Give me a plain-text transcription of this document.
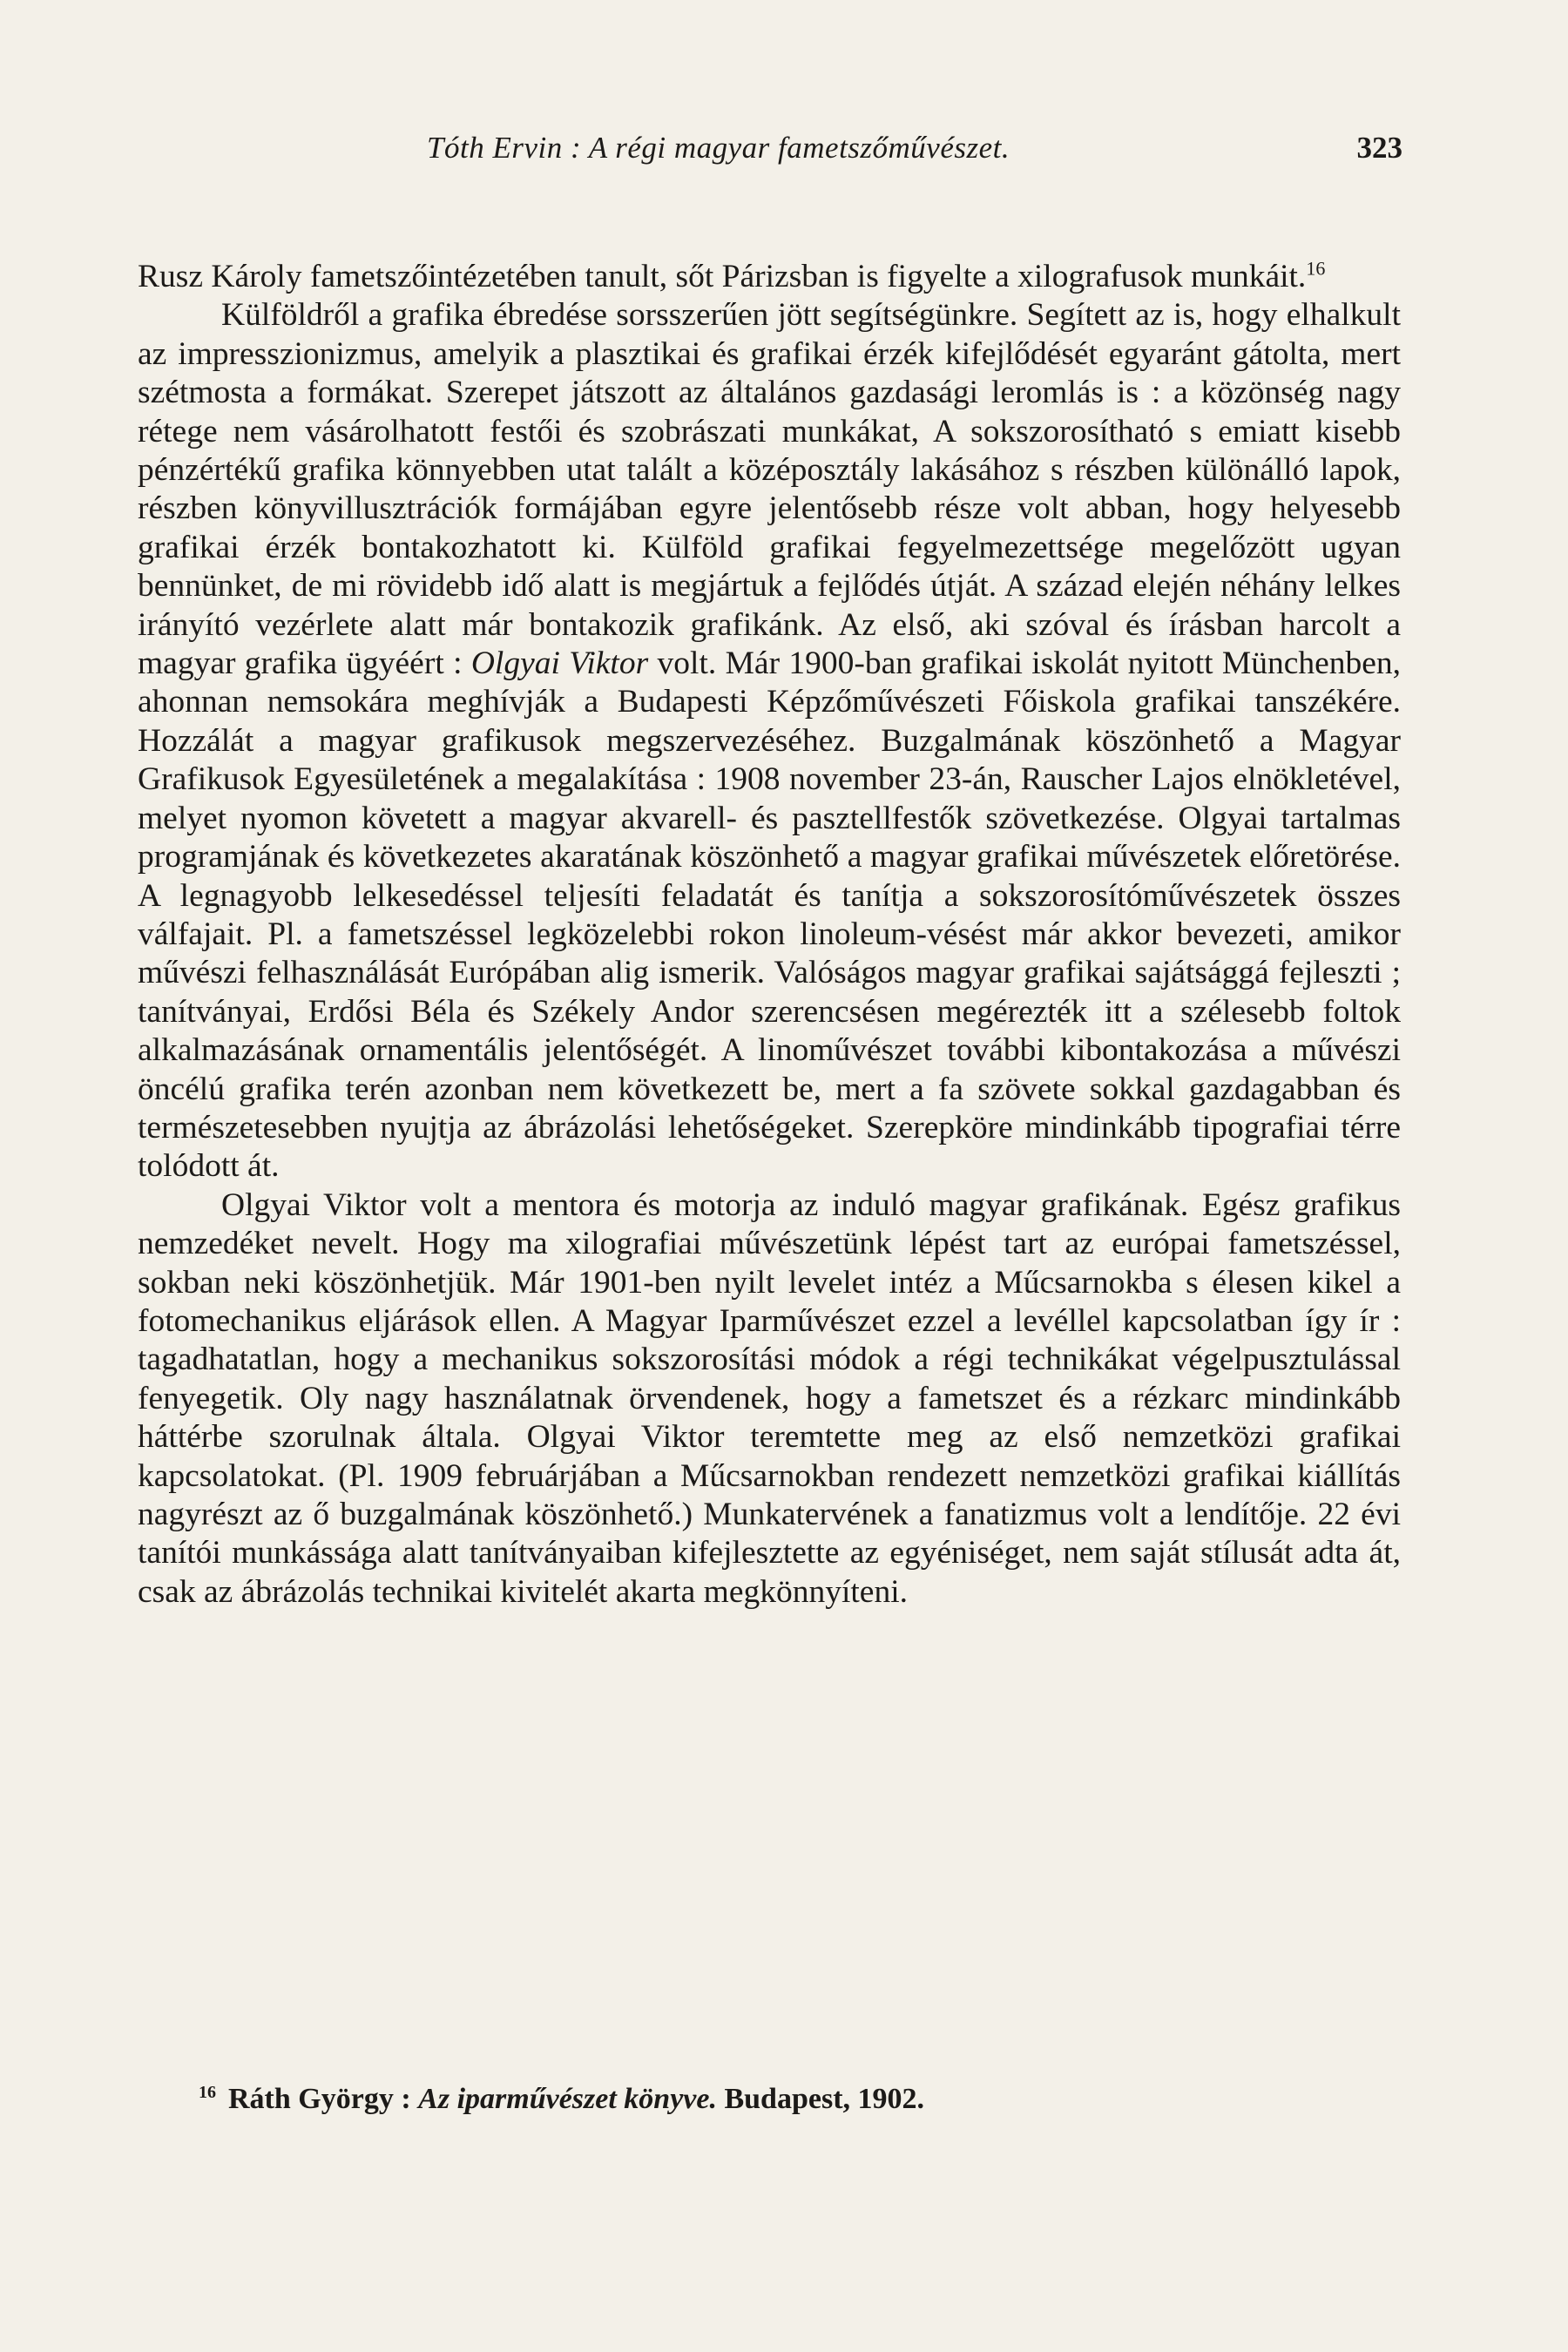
Tóth Ervin : A régi magyar fametszőművészet.	323

Rusz Károly fametszőintézetében tanult, sőt Párizsban is figyelte a xilografusok munkáit.$^{16}$

Külföldről a grafika ébredése sorsszerűen jött segítségünkre. Segített az is, hogy elhalkult az impresszionizmus, amelyik a plasztikai és grafikai érzék kifejlődését egyaránt gátolta, mert szétmosta a formákat. Szerepet játszott az általános gazdasági leromlás is : a közönség nagy rétege nem vásárolhatott festői és szobrászati munkákat, A sokszorosítható s emiatt kisebb pénzértékű grafika könnyebben utat talált a középosztály lakásához s részben különálló lapok, részben könyvillusztrációk formájában egyre jelentősebb része volt abban, hogy helyesebb grafikai érzék bontakozhatott ki. Külföld grafikai fegyelmezettsége megelőzött ugyan bennünket, de mi rövidebb idő alatt is megjártuk a fejlődés útját. A század elején néhány lelkes irányító vezérlete alatt már bontakozik grafikánk. Az első, aki szóval és írásban harcolt a magyar grafika ügyéért : Olgyai Viktor volt. Már 1900-ban grafikai iskolát nyitott Münchenben, ahonnan nemsokára meghívják a Budapesti Képzőművészeti Főiskola grafikai tanszékére. Hozzálát a magyar grafikusok megszervezéséhez. Buzgalmának köszönhető a Magyar Grafikusok Egyesületének a megalakítása : 1908 november 23-án, Rauscher Lajos elnökletével, melyet nyomon követett a magyar akvarell- és pasztellfestők szövetkezése. Olgyai tartalmas programjának és következetes akaratának köszönhető a magyar grafikai művészetek előretörése. A legnagyobb lelkesedéssel teljesíti feladatát és tanítja a sokszorosítóművészetek összes válfajait. Pl. a fametszéssel legközelebbi rokon linoleum-vésést már akkor bevezeti, amikor művészi felhasználását Európában alig ismerik. Valóságos magyar grafikai sajátsággá fejleszti ; tanítványai, Erdősi Béla és Székely Andor szerencsésen megérezték itt a szélesebb foltok alkalmazásának ornamentális jelentőségét. A linoművészet további kibontakozása a művészi öncélú grafika terén azonban nem következett be, mert a fa szövete sokkal gazdagabban és természetesebben nyujtja az ábrázolási lehetőségeket. Szerepköre mindinkább tipografiai térre tolódott át.

Olgyai Viktor volt a mentora és motorja az induló magyar grafikának. Egész grafikus nemzedéket nevelt. Hogy ma xilografiai művészetünk lépést tart az európai fametszéssel, sokban neki köszönhetjük. Már 1901-ben nyilt levelet intéz a Műcsarnokba s élesen kikel a fotomechanikus eljárások ellen. A Magyar Iparművészet ezzel a levéllel kapcsolatban így ír : tagadhatatlan, hogy a mechanikus sokszorosítási módok a régi technikákat végelpusztulással fenyegetik. Oly nagy használatnak örvendenek, hogy a fametszet és a rézkarc mindinkább háttérbe szorulnak általa. Olgyai Viktor teremtette meg az első nemzetközi grafikai kapcsolatokat. (Pl. 1909 februárjában a Műcsarnokban rendezett nemzetközi grafikai kiállítás nagyrészt az ő buzgalmának köszönhető.) Munkatervének a fanatizmus volt a lendítője. 22 évi tanítói munkássága alatt tanítványaiban kifejlesztette az egyéniséget, nem saját stílusát adta át, csak az ábrázolás technikai kivitelét akarta megkönnyíteni.

$^{16}$ Ráth György : Az iparművészet könyve. Budapest, 1902.
